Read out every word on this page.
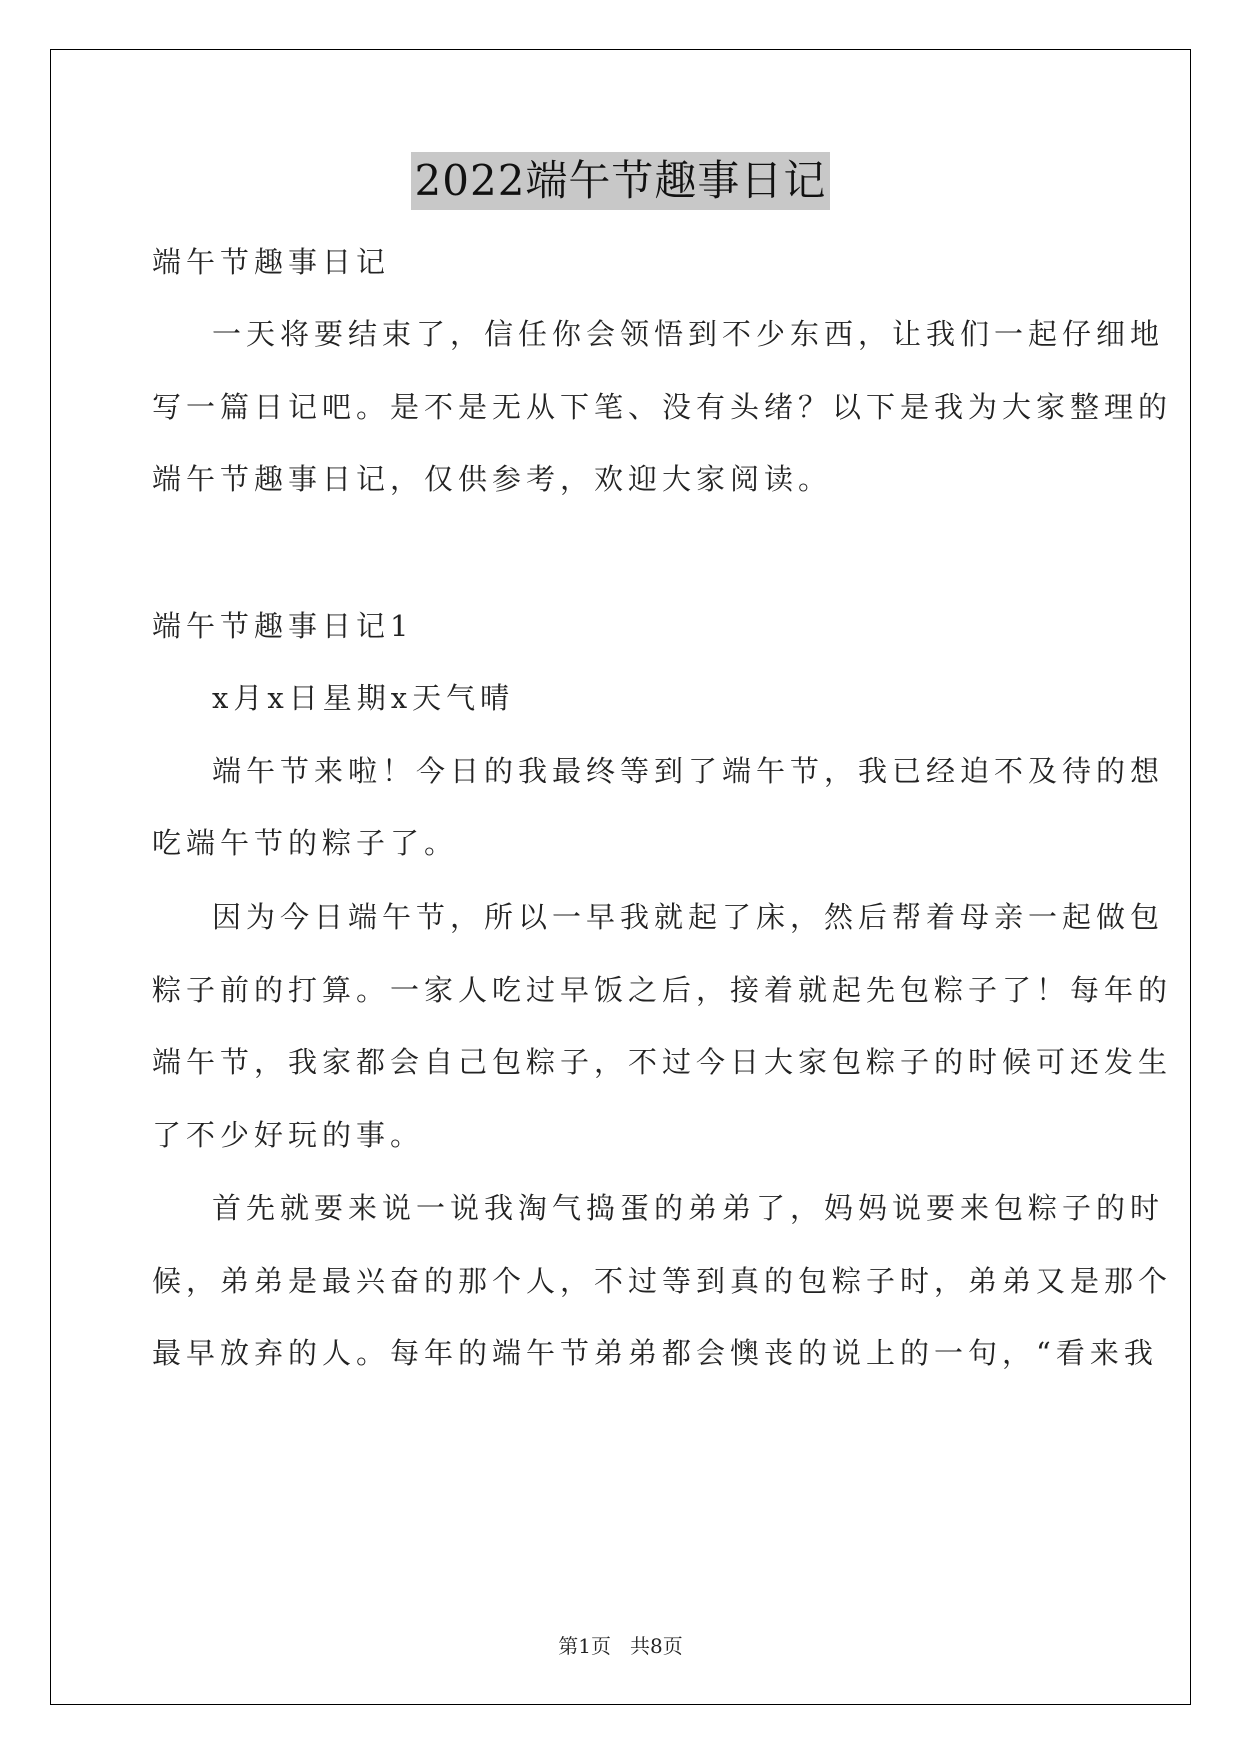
2022端午节趣事日记
端午节趣事日记
一天将要结束了，信任你会领悟到不少东西，让我们一起仔细地
写一篇日记吧。是不是无从下笔、没有头绪？以下是我为大家整理的
端午节趣事日记，仅供参考，欢迎大家阅读。
端午节趣事日记1
x月x日星期x天气晴
端午节来啦！今日的我最终等到了端午节，我已经迫不及待的想
吃端午节的粽子了。
因为今日端午节，所以一早我就起了床，然后帮着母亲一起做包
粽子前的打算。一家人吃过早饭之后，接着就起先包粽子了！每年的
端午节，我家都会自己包粽子，不过今日大家包粽子的时候可还发生
了不少好玩的事。
首先就要来说一说我淘气捣蛋的弟弟了，妈妈说要来包粽子的时
候，弟弟是最兴奋的那个人，不过等到真的包粽子时，弟弟又是那个
最早放弃的人。每年的端午节弟弟都会懊丧的说上的一句，“看来我
第1页   共8页
